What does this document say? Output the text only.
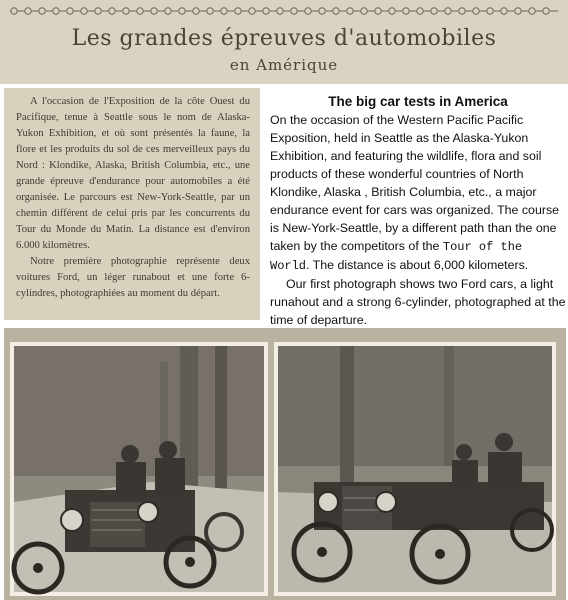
Les grandes épreuves d'automobiles
en Amérique

A l'occasion de l'Exposition de la côte Ouest du Pacifique, tenue à Seattle sous le nom de Alaska-Yukon Exhibition, et où sont présentés la faune, la flore et les produits du sol de ces merveilleux pays du Nord : Klondike, Alaska, British Columbia, etc., une grande épreuve d'endurance pour automobiles a été organisée. Le parcours est New-York-Seattle, par un chemin différent de celui pris par les concurrents du Tour du Monde du Matin. La distance est d'environ 6.000 kilomètres.

Notre première photographie représente deux voitures Ford, un léger runabout et une forte 6-cylindres, photographiées au moment du départ.

The big car tests in America

On the occasion of the Western Pacific Pacific Exposition, held in Seattle as the Alaska-Yukon Exhibition, and featuring the wildlife, flora and soil products of these wonderful countries of North Klondike, Alaska , British Columbia, etc., a major endurance event for cars was organized. The course is New-York-Seattle, by a different path than the one taken by the competitors of the Tour of the World. The distance is about 6,000 kilometers.

Our first photograph shows two Ford cars, a light runahout and a strong 6-cylinder, photographed at the time of departure.
